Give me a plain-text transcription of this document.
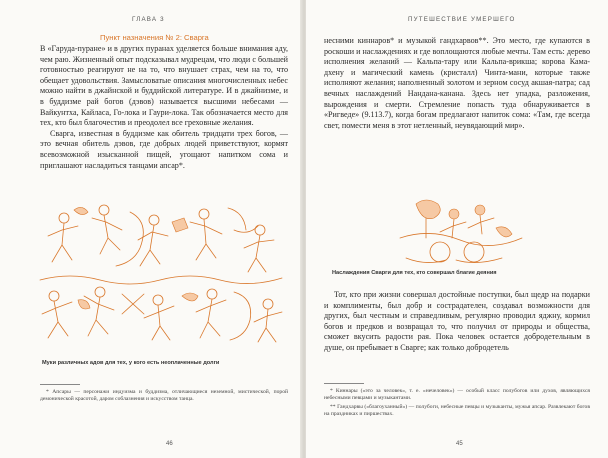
ГЛАВА 3
Пункт назначения № 2: Сварга

В «Гаруда-пуране» и в других пуранах уделяется больше внимания аду, чем раю. Жизненный опыт подсказывал мудрецам, что люди с большей готовностью реагируют не на то, что внушает страх, чем на то, что обещает удовольствия. Замысловатые описания многочисленных небес можно найти в джайнской и буддийской литературе. И в джайнизме, и в буддизме рай богов (дэвов) называется высшими небесами — Вайкунтха, Кайласа, Го-лока и Гаури-лока. Так обозначается место для тех, кто был благочестив и преодолел все греховные желания.

Сварга, известная в буддизме как обитель тридцати трех богов, — это вечная обитель дэвов, где добрых людей приветствуют, кормят всевозможной изысканной пищей, угощают напитком сома и приглашают насладиться танцами апсар*.

Муки различных адов для тех, у кого есть неоплаченные долги

* Апсары — персонажи индуизма и буддизма, отличающиеся неземной, мистической, порой демонической красотой, даром соблазнения и искусством танца.

46
ПУТЕШЕСТВИЕ УМЕРШЕГО

несними киннаров* и музыкой гандхарвов**. Это место, где купаются в роскоши и наслаждениях и где воплощаются любые мечты. Там есть: дерево исполнения желаний — Кальпа-тару или Кальпа-врикша; корова Кама-дхену и магический камень (кристалл) Чинта-мани, которые также исполняют желания; наполненный золотом и зерном сосуд акшая-патра; сад вечных наслаждений Нандана-канана. Здесь нет упадка, разложения, вырождения и смерти. Стремление попасть туда обнаруживается в «Ригведе» (9.113.7), когда богам предлагают напиток сома: «Там, где всегда свет, помести меня в этот нетленный, неувядающий мир».

Наслаждения Сварги для тех, кто совершал благие деяния

Тот, кто при жизни совершал достойные поступки, был щедр на подарки и комплименты, был добр и сострадателен, создавал возможности для других, был честным и справедливым, регулярно проводил яджну, кормил богов и предков и возвращал то, что получил от природы и общества, сможет вкусить радости рая. Пока человек остается добродетельным в душе, он пребывает в Сварге; как только добродетель

* Киннары («это за человек», т. е. «нечеловек») — особый класс полубогов или духов, являющихся небесными певцами и музыкантами.

** Гандхарвы («благоуханный») — полубоги, небесные певцы и музыканты, мужья апсар. Развлекают богов на праздниках и пиршествах.

45
